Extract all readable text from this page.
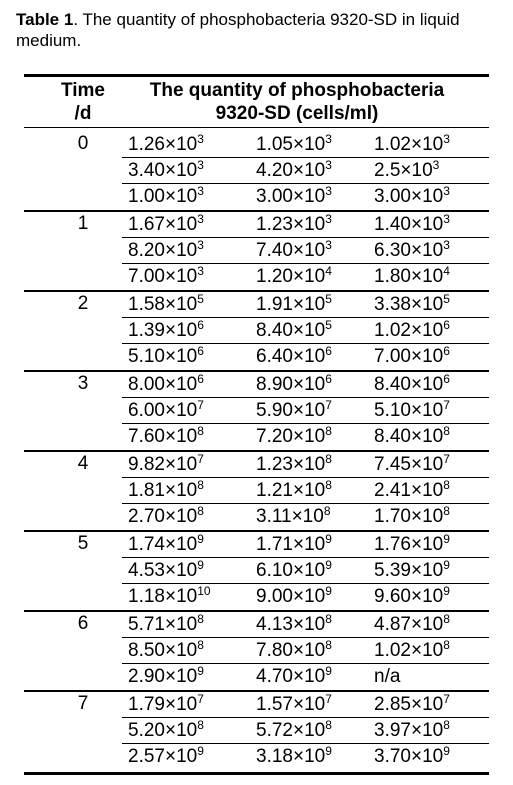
Table 1. The quantity of phosphobacteria 9320-SD in liquid medium.
Time
/d
The quantity of phosphobacteria
9320-SD (cells/ml)
0	$1.26\times 10^3$	$1.05\times 10^3$ $1.02\times 10^3$
$3.40\times 10^3$	$4.20\times 10^3$ $2.5\times 10^3$
$1.00\times 10^3$	$3.00\times 10^3$ $3.00\times 10^3$
1	$1.67\times 10^3$	$1.23\times 10^3$ $1.40\times 10^3$
$8.20\times 10^3$	$7.40\times 10^3$ $6.30\times 10^3$
$7.00\times 10^3$	$1.20\times 10^4$ $1.80\times 10^4$
2	$1.58\times 10^5$	$1.91\times 10^5$ $3.38\times 10^5$
$1.39\times 10^6$	$8.40\times 10^5$ $1.02\times 10^6$
$5.10\times 10^6$	$6.40\times 10^6$ $7.00\times 10^6$
3	$8.00\times 10^6$	$8.90\times 10^6$ $8.40\times 10^6$
$6.00\times 10^7$	$5.90\times 10^7$ $5.10\times 10^7$
$7.60\times 10^8$	$7.20\times 10^8$ $8.40\times 10^8$
4	$9.82\times 10^7$	$1.23\times 10^8$ $7.45\times 10^7$
$1.81\times 10^8$	$1.21\times 10^8$ $2.41\times 10^8$
$2.70\times 10^8$	$3.11\times 10^8$ $1.70\times 10^8$
5	$1.74\times 10^9$	$1.71\times 10^9$ $1.76\times 10^9$
$4.53\times 10^9$	$6.10\times 10^9$ $5.39\times 10^9$
$1.18\times 10^{10}$ $9.00\times 10^9$ $9.60\times 10^9$
6	$5.71\times 10^8$	$4.13\times 10^8$ $4.87\times 10^8$
$8.50\times 10^8$	$7.80\times 10^8$ $1.02\times 10^8$
$2.90\times 10^9$	$4.70\times 10^9$ n/a
7	$1.79\times 10^7$	$1.57\times 10^7$ $2.85\times 10^7$
$5.20\times 10^8$	$5.72\times 10^8$ $3.97\times 10^8$
$2.57\times 10^9$	$3.18\times 10^9$ $3.70\times 10^9$
